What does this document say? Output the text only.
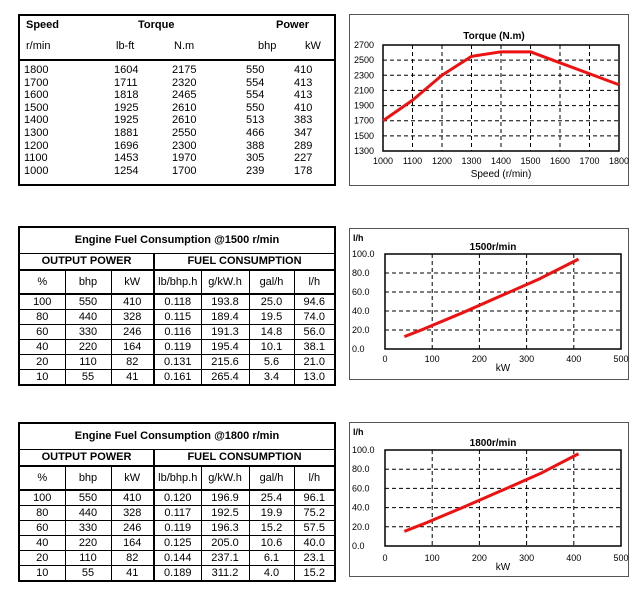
Speed	Torque	Power
r/min	lb-ft	N.m	bhp	kW
1800	1604	2175	550	410
1700	1711	2320	554	413
1600	1818	2465	554	413
1500	1925	2610	550	410
1400	1925	2610	513	383
1300	1881	2550	466	347
1200	1696	2300	388	289
1100	1453	1970	305	227
1000	1254	1700	239	178
Engine Fuel Consumption @1500 r/min						
OUTPUT POWER			FUEL CONSUMPTION			
%	bhp	kW	lb/bhp.h	g/kW.h	gal/h	l/h
100	550	410	0.118	193.8	25.0	94.6
80	440	328	0.115	189.4	19.5	74.0
60	330	246	0.116	191.3	14.8	56.0
40	220	164	0.119	195.4	10.1	38.1
20	110	82	0.131	215.6	5.6	21.0
10	55	41	0.161	265.4	3.4	13.0
Engine Fuel Consumption @1800 r/min						
OUTPUT POWER			FUEL CONSUMPTION			
%	bhp	kW	lb/bhp.h	g/kW.h	gal/h	l/h
100	550	410	0.120	196.9	25.4	96.1
80	440	328	0.117	192.5	19.9	75.2
60	330	246	0.119	196.3	15.2	57.5
40	220	164	0.125	205.0	10.6	40.0
20	110	82	0.144	237.1	6.1	23.1
10	55	41	0.189	311.2	4.0	15.2
1000 1100 1200 1300 1400 1500 1600 1700 1800
1300
1500
1700
1900
2100
2300
2500
2700
Torque (N.m)
Speed (r/min)
0	100	200	300	400	500
0.0
20.0
40.0
60.0
80.0
100.0
1500r/min
kW
l/h
0	100	200	300	400	500
0.0
20.0
40.0
60.0
80.0
100.0
1800r/min
kW
l/h
